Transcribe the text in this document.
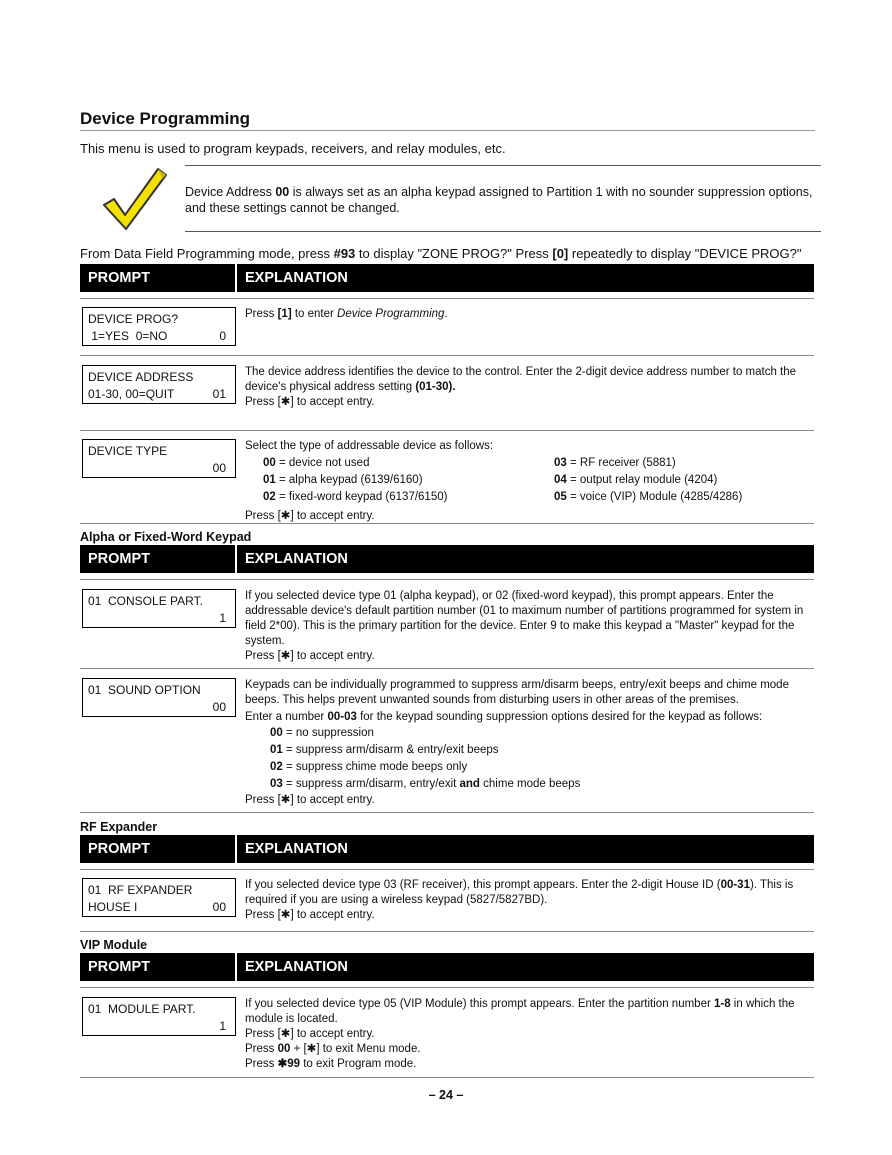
Device Programming
This menu is used to program keypads, receivers, and relay modules, etc.
Device Address 00 is always set as an alpha keypad assigned to Partition 1 with no sounder suppression options, and these settings cannot be changed.
From Data Field Programming mode, press #93 to display "ZONE PROG?" Press [0] repeatedly to display "DEVICE PROG?"
PROMPT	EXPLANATION
DEVICE PROG?
1=YES  0=NO	0
Press [1] to enter Device Programming.
DEVICE ADDRESS
01-30, 00=QUIT	01
The device address identifies the device to the control. Enter the 2-digit device address number to match the device's physical address setting (01-30).
Press [✱] to accept entry.
DEVICE TYPE
00
Select the type of addressable device as follows:
00 = device not used
01 = alpha keypad (6139/6160)
02 = fixed-word keypad (6137/6150)
03 = RF receiver (5881)
04 = output relay module (4204)
05 = voice (VIP) Module (4285/4286)
Press [✱] to accept entry.
Alpha or Fixed-Word Keypad
PROMPT	EXPLANATION
01  CONSOLE PART.
1
If you selected device type 01 (alpha keypad), or 02 (fixed-word keypad), this prompt appears. Enter the addressable device's default partition number (01 to maximum number of partitions programmed for system in field 2*00). This is the primary partition for the device. Enter 9 to make this keypad a "Master" keypad for the system.
Press [✱] to accept entry.
01  SOUND OPTION
00
Keypads can be individually programmed to suppress arm/disarm beeps, entry/exit beeps and chime mode beeps. This helps prevent unwanted sounds from disturbing users in other areas of the premises.
Enter a number 00-03 for the keypad sounding suppression options desired for the keypad as follows:
00 = no suppression
01 = suppress arm/disarm & entry/exit beeps
02 = suppress chime mode beeps only
03 = suppress arm/disarm, entry/exit and chime mode beeps
Press [✱] to accept entry.
RF Expander
PROMPT	EXPLANATION
01  RF EXPANDER
HOUSE I	00
If you selected device type 03 (RF receiver), this prompt appears. Enter the 2-digit House ID (00-31). This is required if you are using a wireless keypad (5827/5827BD).
Press [✱] to accept entry.
VIP Module
PROMPT	EXPLANATION
01  MODULE PART.
1
If you selected device type 05 (VIP Module) this prompt appears. Enter the partition number 1-8 in which the module is located.
Press [✱] to accept entry.
Press 00 + [✱] to exit Menu mode.
Press ✱99 to exit Program mode.
– 24 –
